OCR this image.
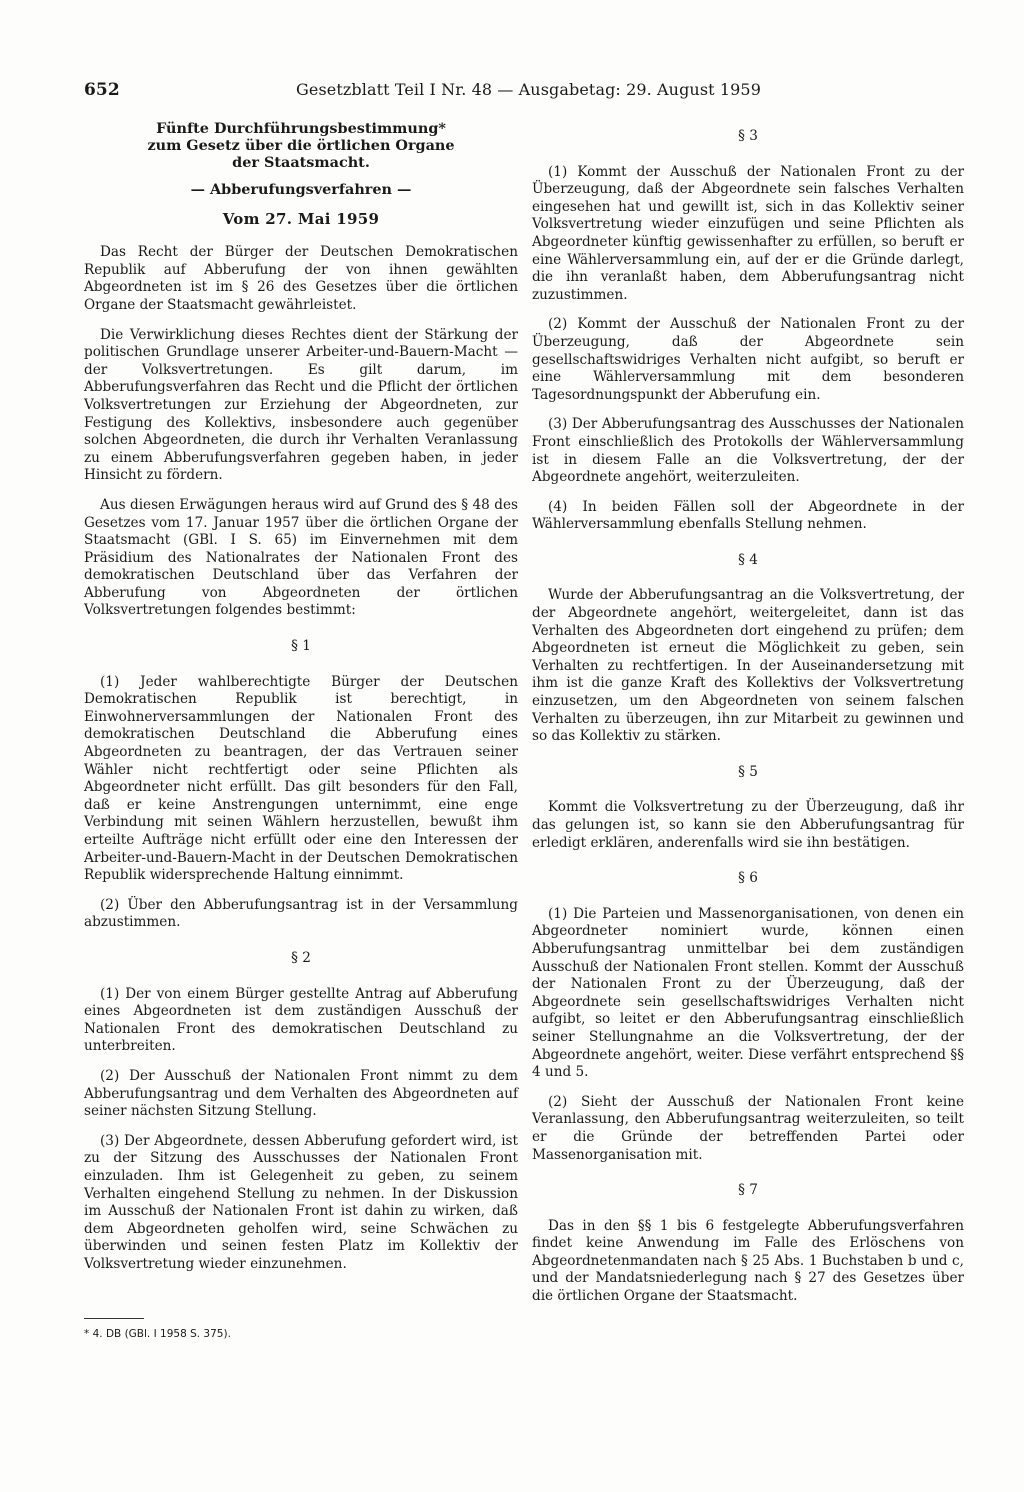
652	Gesetzblatt Teil I Nr. 48 — Ausgabetag: 29. August 1959
Fünfte Durchführungsbestimmung*
zum Gesetz über die örtlichen Organe
der Staatsmacht.
— Abberufungsverfahren —
Vom 27. Mai 1959

Das Recht der Bürger der Deutschen Demokratischen Republik auf Abberufung der von ihnen gewählten Abgeordneten ist im § 26 des Gesetzes über die örtlichen Organe der Staatsmacht gewährleistet.

Die Verwirklichung dieses Rechtes dient der Stärkung der politischen Grundlage unserer Arbeiter-und-Bauern-Macht — der Volksvertretungen. Es gilt darum, im Abberufungsverfahren das Recht und die Pflicht der örtlichen Volksvertretungen zur Erziehung der Abgeordneten, zur Festigung des Kollektivs, insbesondere auch gegenüber solchen Abgeordneten, die durch ihr Verhalten Veranlassung zu einem Abberufungsverfahren gegeben haben, in jeder Hinsicht zu fördern.

Aus diesen Erwägungen heraus wird auf Grund des § 48 des Gesetzes vom 17. Januar 1957 über die örtlichen Organe der Staatsmacht (GBl. I S. 65) im Einvernehmen mit dem Präsidium des Nationalrates der Nationalen Front des demokratischen Deutschland über das Verfahren der Abberufung von Abgeordneten der örtlichen Volksvertretungen folgendes bestimmt:

§ 1

(1) Jeder wahlberechtigte Bürger der Deutschen Demokratischen Republik ist berechtigt, in Einwohnerversammlungen der Nationalen Front des demokratischen Deutschland die Abberufung eines Abgeordneten zu beantragen, der das Vertrauen seiner Wähler nicht rechtfertigt oder seine Pflichten als Abgeordneter nicht erfüllt. Das gilt besonders für den Fall, daß er keine Anstrengungen unternimmt, eine enge Verbindung mit seinen Wählern herzustellen, bewußt ihm erteilte Aufträge nicht erfüllt oder eine den Interessen der Arbeiter-und-Bauern-Macht in der Deutschen Demokratischen Republik widersprechende Haltung einnimmt.

(2) Über den Abberufungsantrag ist in der Versammlung abzustimmen.

§ 2

(1) Der von einem Bürger gestellte Antrag auf Abberufung eines Abgeordneten ist dem zuständigen Ausschuß der Nationalen Front des demokratischen Deutschland zu unterbreiten.

(2) Der Ausschuß der Nationalen Front nimmt zu dem Abberufungsantrag und dem Verhalten des Abgeordneten auf seiner nächsten Sitzung Stellung.

(3) Der Abgeordnete, dessen Abberufung gefordert wird, ist zu der Sitzung des Ausschusses der Nationalen Front einzuladen. Ihm ist Gelegenheit zu geben, zu seinem Verhalten eingehend Stellung zu nehmen. In der Diskussion im Ausschuß der Nationalen Front ist dahin zu wirken, daß dem Abgeordneten geholfen wird, seine Schwächen zu überwinden und seinen festen Platz im Kollektiv der Volksvertretung wieder einzunehmen.

* 4. DB (GBl. I 1958 S. 375).
§ 3

(1) Kommt der Ausschuß der Nationalen Front zu der Überzeugung, daß der Abgeordnete sein falsches Verhalten eingesehen hat und gewillt ist, sich in das Kollektiv seiner Volksvertretung wieder einzufügen und seine Pflichten als Abgeordneter künftig gewissenhafter zu erfüllen, so beruft er eine Wählerversammlung ein, auf der er die Gründe darlegt, die ihn veranlaßt haben, dem Abberufungsantrag nicht zuzustimmen.

(2) Kommt der Ausschuß der Nationalen Front zu der Überzeugung, daß der Abgeordnete sein gesellschaftswidriges Verhalten nicht aufgibt, so beruft er eine Wählerversammlung mit dem besonderen Tagesordnungspunkt der Abberufung ein.

(3) Der Abberufungsantrag des Ausschusses der Nationalen Front einschließlich des Protokolls der Wählerversammlung ist in diesem Falle an die Volksvertretung, der der Abgeordnete angehört, weiterzuleiten.

(4) In beiden Fällen soll der Abgeordnete in der Wählerversammlung ebenfalls Stellung nehmen.

§ 4

Wurde der Abberufungsantrag an die Volksvertretung, der der Abgeordnete angehört, weitergeleitet, dann ist das Verhalten des Abgeordneten dort eingehend zu prüfen; dem Abgeordneten ist erneut die Möglichkeit zu geben, sein Verhalten zu rechtfertigen. In der Auseinandersetzung mit ihm ist die ganze Kraft des Kollektivs der Volksvertretung einzusetzen, um den Abgeordneten von seinem falschen Verhalten zu überzeugen, ihn zur Mitarbeit zu gewinnen und so das Kollektiv zu stärken.

§ 5

Kommt die Volksvertretung zu der Überzeugung, daß ihr das gelungen ist, so kann sie den Abberufungsantrag für erledigt erklären, anderenfalls wird sie ihn bestätigen.

§ 6

(1) Die Parteien und Massenorganisationen, von denen ein Abgeordneter nominiert wurde, können einen Abberufungsantrag unmittelbar bei dem zuständigen Ausschuß der Nationalen Front stellen. Kommt der Ausschuß der Nationalen Front zu der Überzeugung, daß der Abgeordnete sein gesellschaftswidriges Verhalten nicht aufgibt, so leitet er den Abberufungsantrag einschließlich seiner Stellungnahme an die Volksvertretung, der der Abgeordnete angehört, weiter. Diese verfährt entsprechend §§ 4 und 5.

(2) Sieht der Ausschuß der Nationalen Front keine Veranlassung, den Abberufungsantrag weiterzuleiten, so teilt er die Gründe der betreffenden Partei oder Massenorganisation mit.

§ 7

Das in den §§ 1 bis 6 festgelegte Abberufungsverfahren findet keine Anwendung im Falle des Erlöschens von Abgeordnetenmandaten nach § 25 Abs. 1 Buchstaben b und c, und der Mandatsniederlegung nach § 27 des Gesetzes über die örtlichen Organe der Staatsmacht.
